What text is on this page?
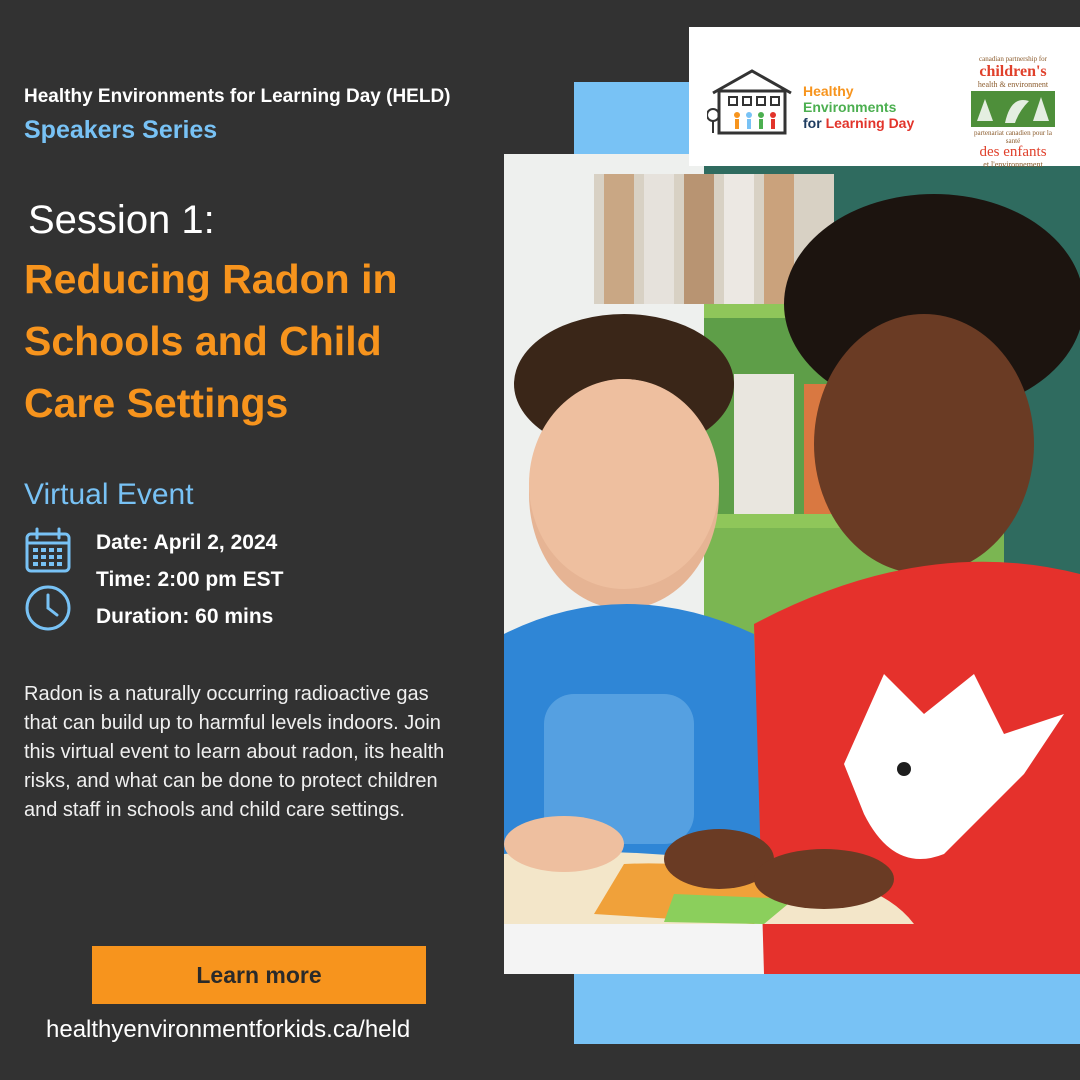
Healthy Environments for Learning Day (HELD)
Speakers Series
Session 1:
Reducing Radon in Schools and Child Care Settings
Virtual Event
Date: April 2, 2024
Time: 2:00 pm EST
Duration: 60 mins
Radon is a naturally occurring radioactive gas that can build up to harmful levels indoors. Join this virtual event to learn about radon, its health risks, and what can be done to protect children and staff in schools and child care settings.
Learn more
healthyenvironmentforkids.ca/held
Healthy
Environments
for Learning Day
canadian partnership for
children's
health & environment
partenariat canadien pour la santé
des enfants
et l'environnement
